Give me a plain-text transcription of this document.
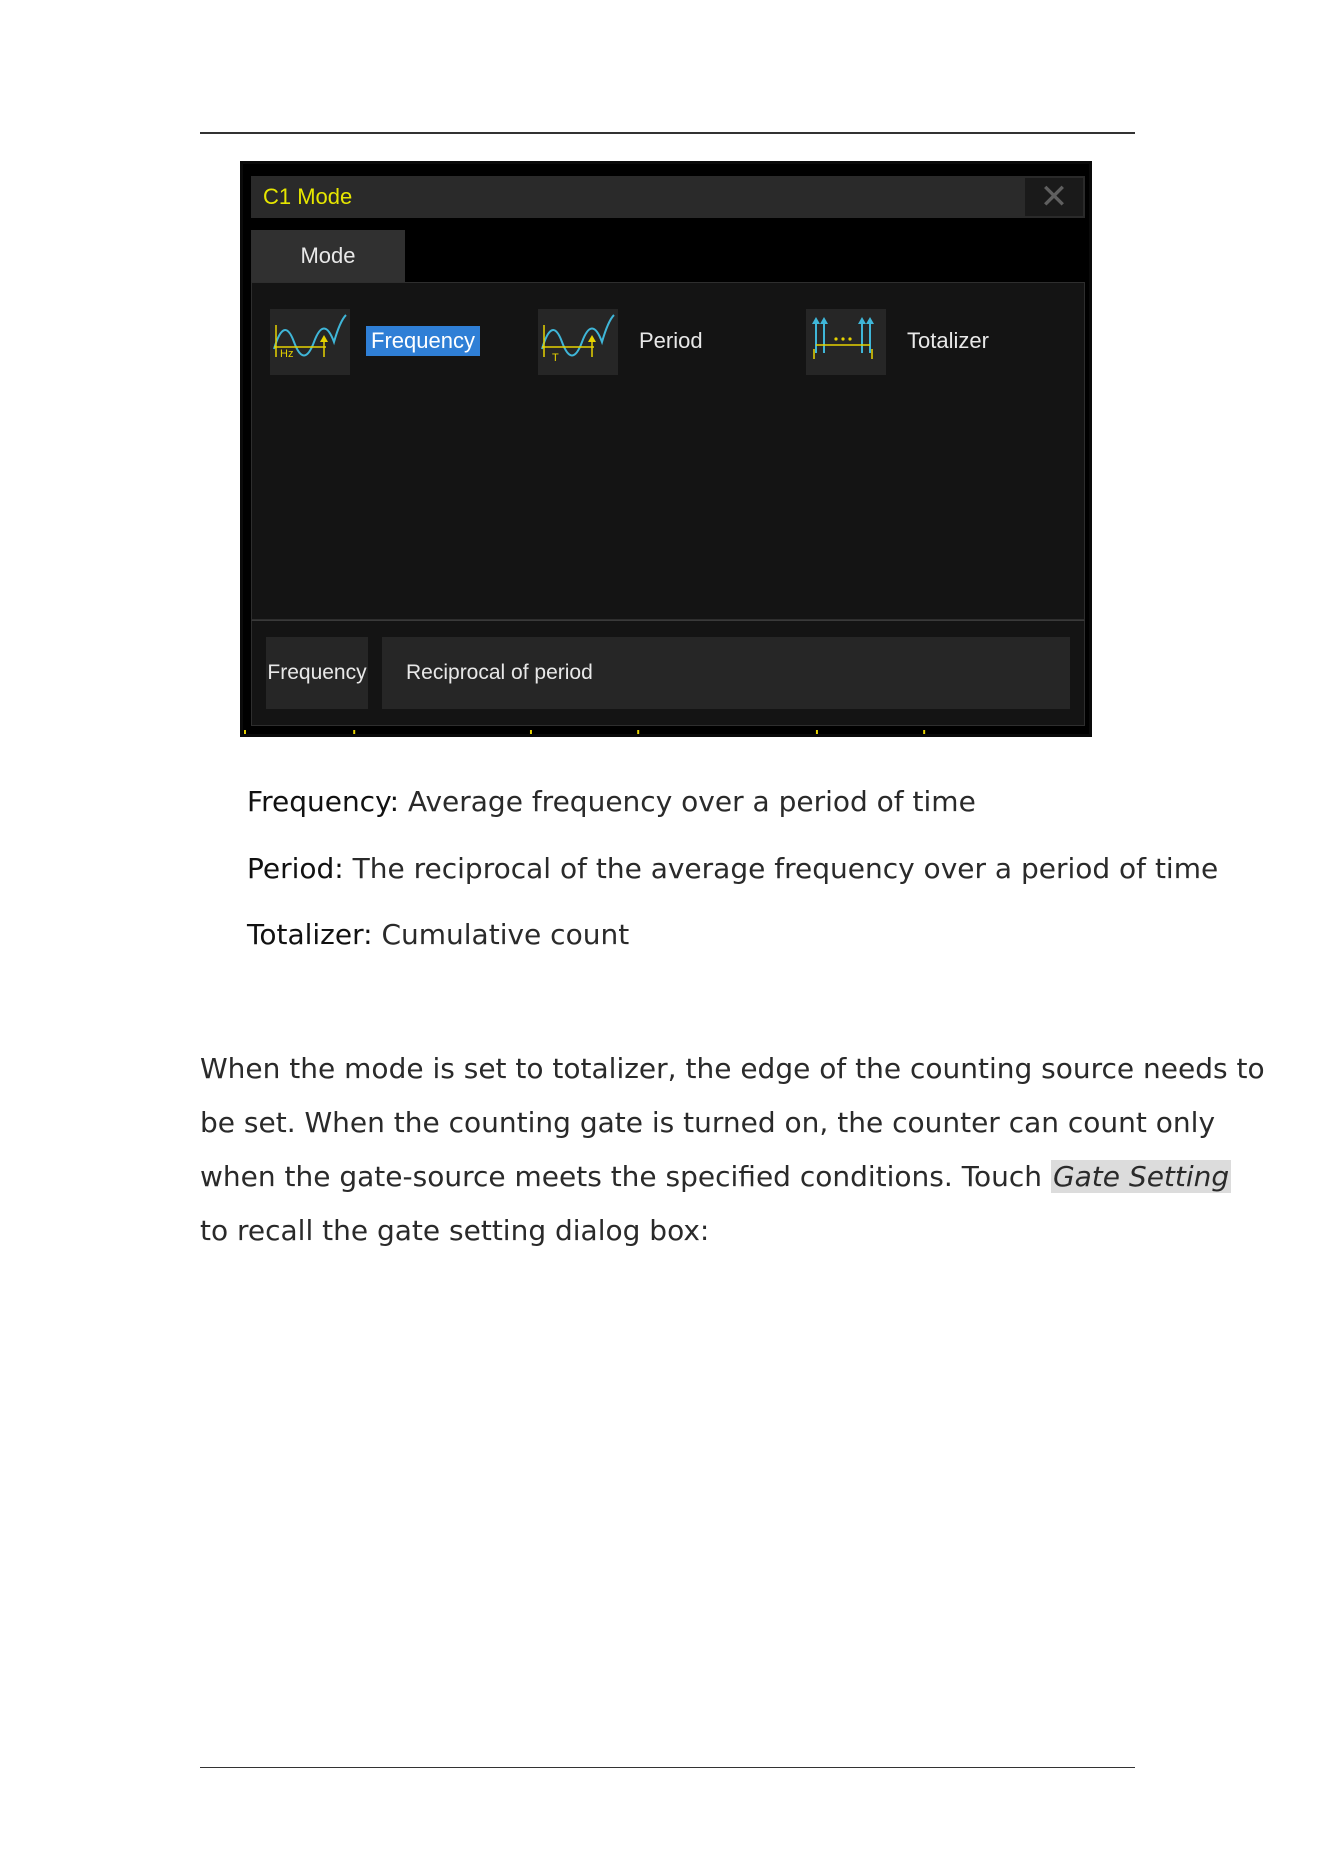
C1 Mode	✕
Mode
Hz
Frequency
T
Period	Totalizer
Frequency Reciprocal of period
Frequency: Average frequency over a period of time
Period: The reciprocal of the average frequency over a period of time
Totalizer: Cumulative count
When the mode is set to totalizer, the edge of the counting source needs to
be set. When the counting gate is turned on, the counter can count only
when the gate-source meets the specified conditions. Touch Gate Setting
to recall the gate setting dialog box:
